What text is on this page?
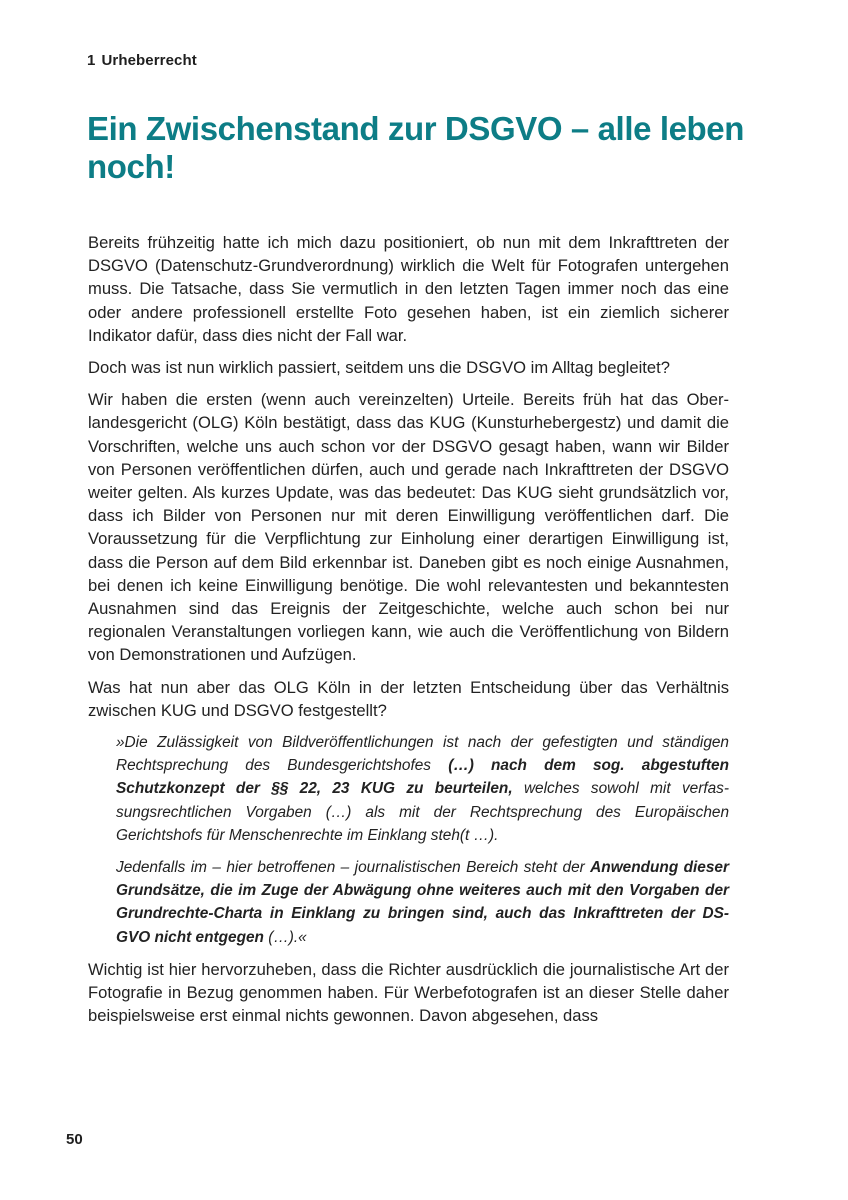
1 Urheberrecht
Ein Zwischenstand zur DSGVO – alle leben noch!

Bereits frühzeitig hatte ich mich dazu positioniert, ob nun mit dem Inkrafttreten der DSGVO (Datenschutz-Grundverordnung) wirklich die Welt für Fotografen untergehen muss. Die Tatsache, dass Sie vermutlich in den letzten Tagen immer noch das eine oder andere professionell erstellte Foto gesehen haben, ist ein ziemlich sicherer Indikator dafür, dass dies nicht der Fall war.

Doch was ist nun wirklich passiert, seitdem uns die DSGVO im Alltag begleitet?

Wir haben die ersten (wenn auch vereinzelten) Urteile. Bereits früh hat das Oberlandesgericht (OLG) Köln bestätigt, dass das KUG (Kunsturhebergestz) und damit die Vorschriften, welche uns auch schon vor der DSGVO gesagt haben, wann wir Bilder von Personen veröffentlichen dürfen, auch und gerade nach Inkrafttreten der DSGVO weiter gelten. Als kurzes Update, was das bedeutet: Das KUG sieht grundsätzlich vor, dass ich Bilder von Personen nur mit deren Einwilligung veröffentlichen darf. Die Voraussetzung für die Verpflichtung zur Einholung einer derartigen Einwilligung ist, dass die Person auf dem Bild erkennbar ist. Daneben gibt es noch einige Ausnahmen, bei denen ich keine Einwilligung benötige. Die wohl relevantesten und bekanntesten Ausnahmen sind das Ereignis der Zeitgeschichte, welche auch schon bei nur regionalen Veranstaltungen vorliegen kann, wie auch die Veröffentlichung von Bildern von Demonstrationen und Aufzügen.

Was hat nun aber das OLG Köln in der letzten Entscheidung über das Verhältnis zwischen KUG und DSGVO festgestellt?

»Die Zulässigkeit von Bildveröffentlichungen ist nach der gefestigten und ständigen Rechtsprechung des Bundesgerichtshofes (…) nach dem sog. abgestuften Schutzkonzept der §§ 22, 23 KUG zu beurteilen, welches sowohl mit verfassungsrechtlichen Vorgaben (…) als mit der Rechtsprechung des Europäischen Gerichtshofs für Menschenrechte im Einklang steh(t …).

Jedenfalls im – hier betroffenen – journalistischen Bereich steht der Anwendung dieser Grundsätze, die im Zuge der Abwägung ohne weiteres auch mit den Vorgaben der Grundrechte-Charta in Einklang zu bringen sind, auch das Inkrafttreten der DS-GVO nicht entgegen (…).«

Wichtig ist hier hervorzuheben, dass die Richter ausdrücklich die journalistische Art der Fotografie in Bezug genommen haben. Für Werbefotografen ist an dieser Stelle daher beispielsweise erst einmal nichts gewonnen. Davon abgesehen, dass

50
